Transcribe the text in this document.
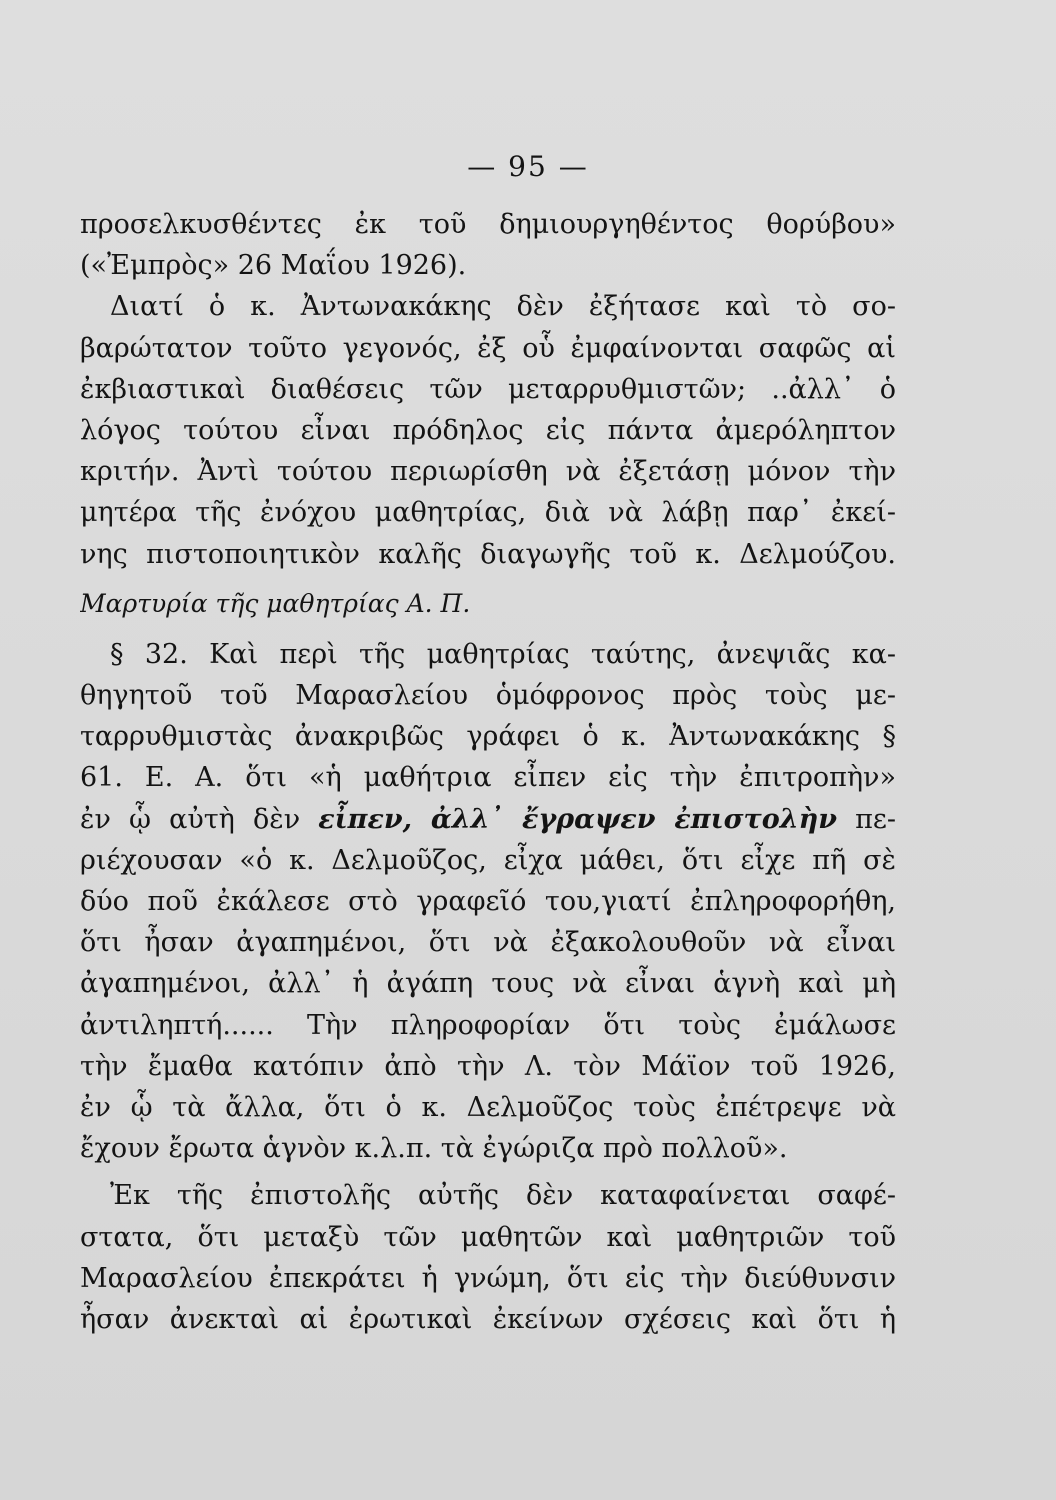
— 95 —
προσελκυσθέντες ἐκ τοῦ δημιουργηθέντος θορύβου»
(«Ἐμπρὸς» 26 Μαΐου 1926).
Διατί ὁ κ. Ἀντωνακάκης δὲν ἐξήτασε καὶ τὸ σο-
βαρώτατον τοῦτο γεγονός, ἐξ οὗ ἐμφαίνονται σαφῶς αἱ
ἐκβιαστικαὶ διαθέσεις τῶν μεταρρυθμιστῶν; ..ἀλλ᾽ ὁ
λόγος τούτου εἶναι πρόδηλος εἰς πάντα ἀμερόληπτον
κριτήν. Ἀντὶ τούτου περιωρίσθη νὰ ἐξετάσῃ μόνον τὴν
μητέρα τῆς ἐνόχου μαθητρίας, διὰ νὰ λάβῃ παρ᾽ ἐκεί-
νης πιστοποιητικὸν καλῆς διαγωγῆς τοῦ κ. Δελμούζου.
Μαρτυρία τῆς μαθητρίας Α. Π.
§ 32. Καὶ περὶ τῆς μαθητρίας ταύτης, ἀνεψιᾶς κα-
θηγητοῦ τοῦ Μαρασλείου ὁμόφρονος πρὸς τοὺς με-
ταρρυθμιστὰς ἀνακριβῶς γράφει ὁ κ. Ἀντωνακάκης §
61. Ε. Α. ὅτι «ἡ μαθήτρια εἶπεν εἰς τὴν ἐπιτροπὴν»
ἐν ᾧ αὐτὴ δὲν εἶπεν, ἀλλ᾽ ἔγραψεν ἐπιστολὴν πε-
ριέχουσαν «ὁ κ. Δελμοῦζος, εἶχα μάθει, ὅτι εἶχε πῆ σὲ
δύο ποῦ ἐκάλεσε στὸ γραφεῖό του,γιατί ἐπληροφορήθη,
ὅτι ἦσαν ἀγαπημένοι, ὅτι νὰ ἐξακολουθοῦν νὰ εἶναι
ἀγαπημένοι, ἀλλ᾽ ἡ ἀγάπη τους νὰ εἶναι ἁγνὴ καὶ μὴ
ἀντιληπτή...... Τὴν πληροφορίαν ὅτι τοὺς ἐμάλωσε
τὴν ἔμαθα κατόπιν ἀπὸ τὴν Λ. τὸν Μάϊον τοῦ 1926,
ἐν ᾧ τὰ ἄλλα, ὅτι ὁ κ. Δελμοῦζος τοὺς ἐπέτρεψε νὰ
ἔχουν ἔρωτα ἁγνὸν κ.λ.π. τὰ ἐγώριζα πρὸ πολλοῦ».
Ἐκ τῆς ἐπιστολῆς αὐτῆς δὲν καταφαίνεται σαφέ-
στατα, ὅτι μεταξὺ τῶν μαθητῶν καὶ μαθητριῶν τοῦ
Μαρασλείου ἐπεκράτει ἡ γνώμη, ὅτι εἰς τὴν διεύθυνσιν
ἦσαν ἀνεκταὶ αἱ ἐρωτικαὶ ἐκείνων σχέσεις καὶ ὅτι ἡ
